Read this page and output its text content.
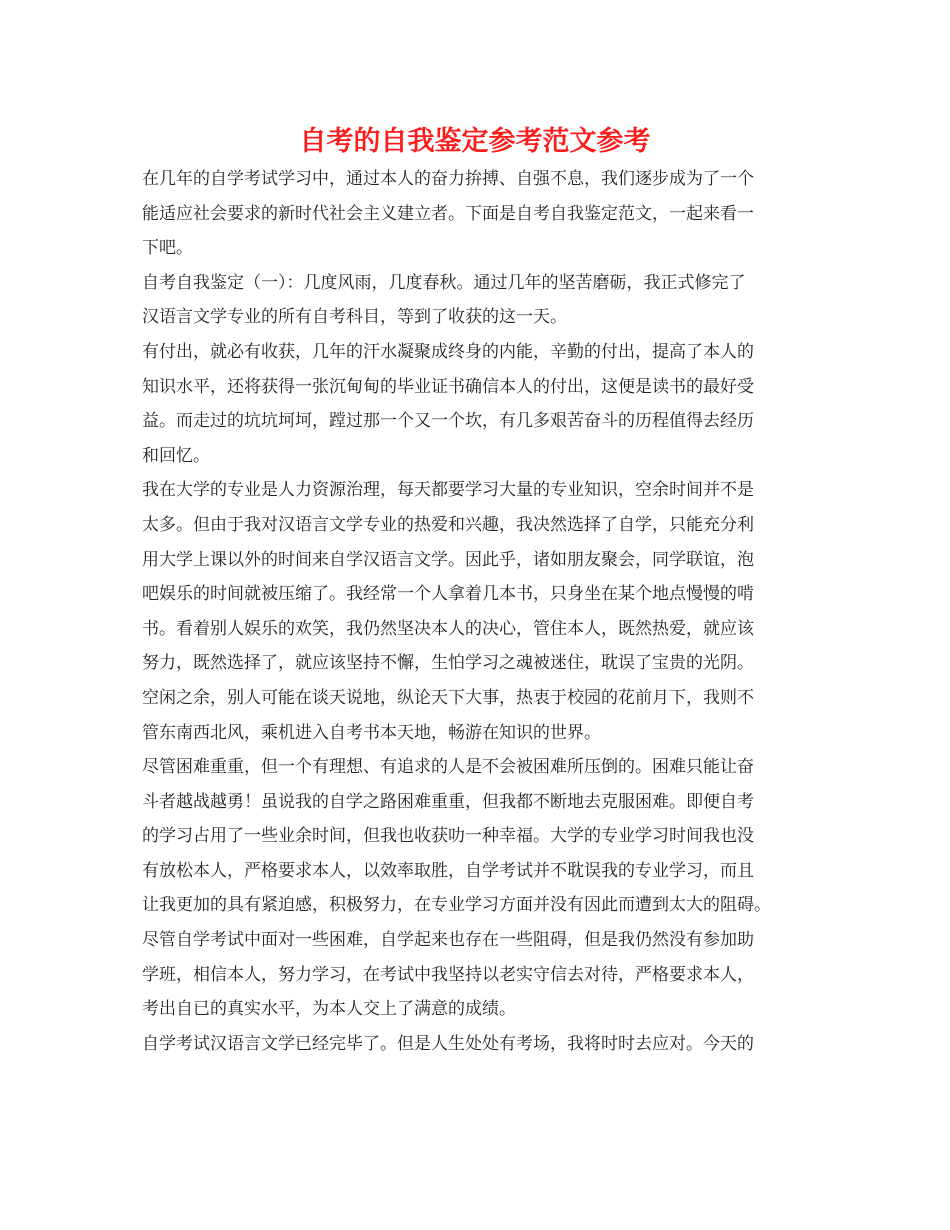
自考的自我鉴定参考范文参考
在几年的自学考试学习中，通过本人的奋力拚搏、自强不息，我们逐步成为了一个
能适应社会要求的新时代社会主义建立者。下面是自考自我鉴定范文，一起来看一
下吧。
自考自我鉴定（一）：几度风雨，几度春秋。通过几年的坚苦磨砺，我正式修完了
汉语言文学专业的所有自考科目，等到了收获的这一天。
有付出，就必有收获，几年的汗水凝聚成终身的内能，辛勤的付出，提高了本人的
知识水平，还将获得一张沉甸甸的毕业证书确信本人的付出，这便是读书的最好受
益。而走过的坑坑坷坷，蹚过那一个又一个坎，有几多艰苦奋斗的历程值得去经历
和回忆。
我在大学的专业是人力资源治理，每天都要学习大量的专业知识，空余时间并不是
太多。但由于我对汉语言文学专业的热爱和兴趣，我决然选择了自学，只能充分利
用大学上课以外的时间来自学汉语言文学。因此乎，诸如朋友聚会，同学联谊，泡
吧娱乐的时间就被压缩了。我经常一个人拿着几本书，只身坐在某个地点慢慢的啃
书。看着别人娱乐的欢笑，我仍然坚决本人的决心，管住本人，既然热爱，就应该
努力，既然选择了，就应该坚持不懈，生怕学习之魂被迷住，耽误了宝贵的光阴。
空闲之余，别人可能在谈天说地，纵论天下大事，热衷于校园的花前月下，我则不
管东南西北风，乘机进入自考书本天地，畅游在知识的世界。
尽管困难重重，但一个有理想、有追求的人是不会被困难所压倒的。困难只能让奋
斗者越战越勇！虽说我的自学之路困难重重，但我都不断地去克服困难。即便自考
的学习占用了一些业余时间，但我也收获叻一种幸福。大学的专业学习时间我也没
有放松本人，严格要求本人，以效率取胜，自学考试并不耽误我的专业学习，而且
让我更加的具有紧迫感，积极努力，在专业学习方面并没有因此而遭到太大的阻碍。
尽管自学考试中面对一些困难，自学起来也存在一些阻碍，但是我仍然没有参加助
学班，相信本人，努力学习，在考试中我坚持以老实守信去对待，严格要求本人，
考出自已的真实水平，为本人交上了满意的成绩。
自学考试汉语言文学已经完毕了。但是人生处处有考场，我将时时去应对。今天的
